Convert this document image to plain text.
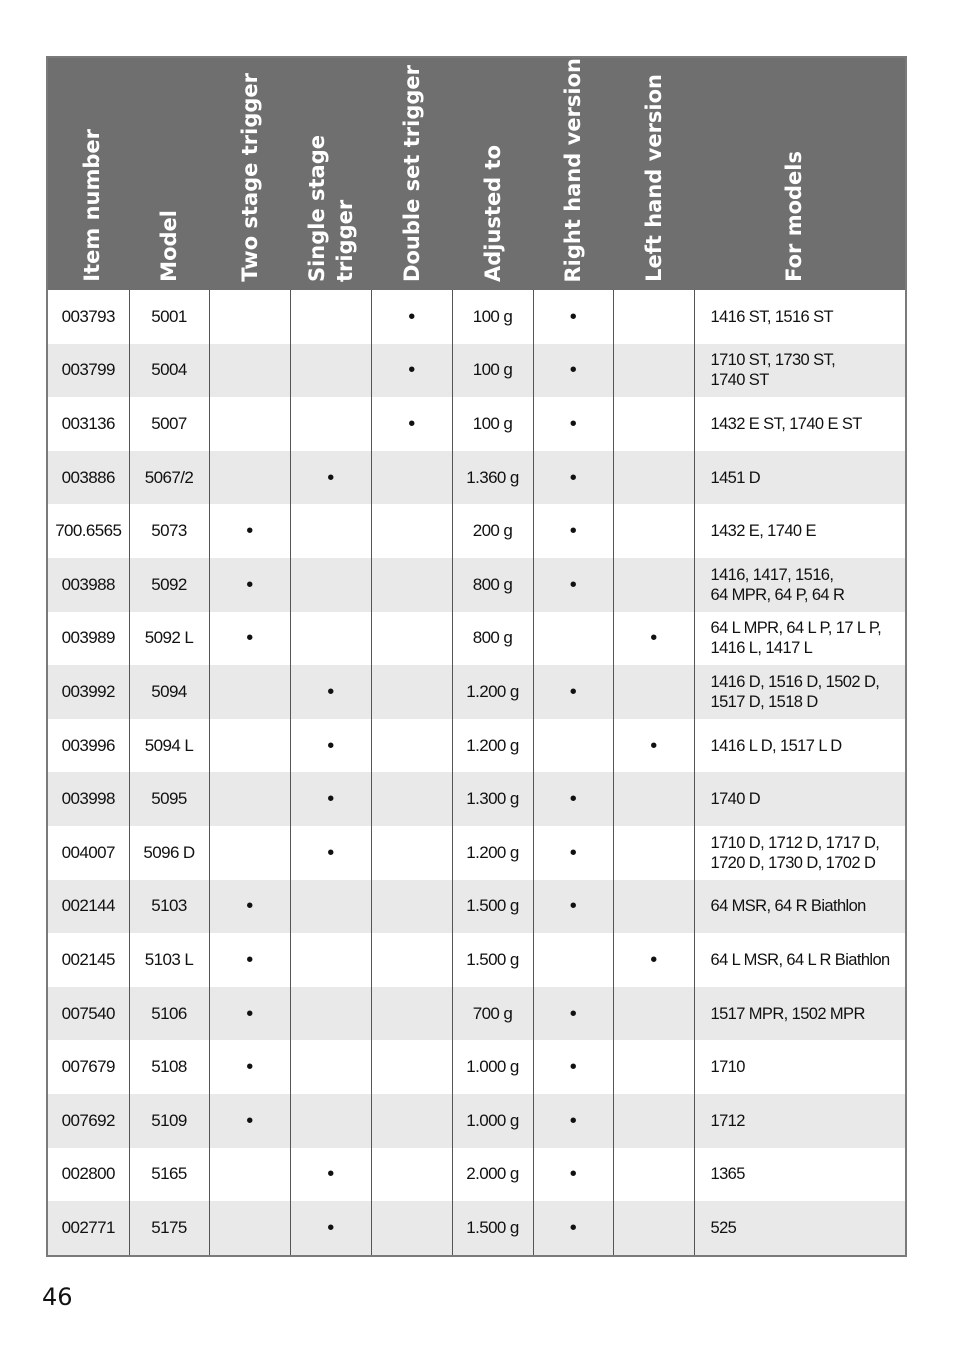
Item number	Model	Two stage trigger	Single stage
trigger	Double set trigger	Adjusted to	Right hand version	Left hand version	For models

003793	5001			•	100 g	•		1416 ST, 1516 ST
003799	5004			•	100 g	•		1710 ST, 1730 ST,
1740 ST
003136	5007			•	100 g	•		1432 E ST, 1740 E ST
003886	5067/2		•		1.360 g	•		1451 D
700.6565	5073	•			200 g	•		1432 E, 1740 E
003988	5092	•			800 g	•		1416, 1417, 1516,
64 MPR, 64 P, 64 R
003989	5092 L	•			800 g		•	64 L MPR, 64 L P, 17 L P,
1416 L, 1417 L
003992	5094		•		1.200 g	•		1416 D, 1516 D, 1502 D,
1517 D, 1518 D
003996	5094 L		•		1.200 g		•	1416 L D, 1517 L D
003998	5095		•		1.300 g	•		1740 D
004007	5096 D		•		1.200 g	•		1710 D, 1712 D, 1717 D,
1720 D, 1730 D, 1702 D
002144	5103	•			1.500 g	•		64 MSR, 64 R Biathlon
002145	5103 L	•			1.500 g		•	64 L MSR, 64 L R Biathlon
007540	5106	•			700 g	•		1517 MPR, 1502 MPR
007679	5108	•			1.000 g	•		1710
007692	5109	•			1.000 g	•		1712
002800	5165		•		2.000 g	•		1365
002771	5175		•		1.500 g	•		525
46
